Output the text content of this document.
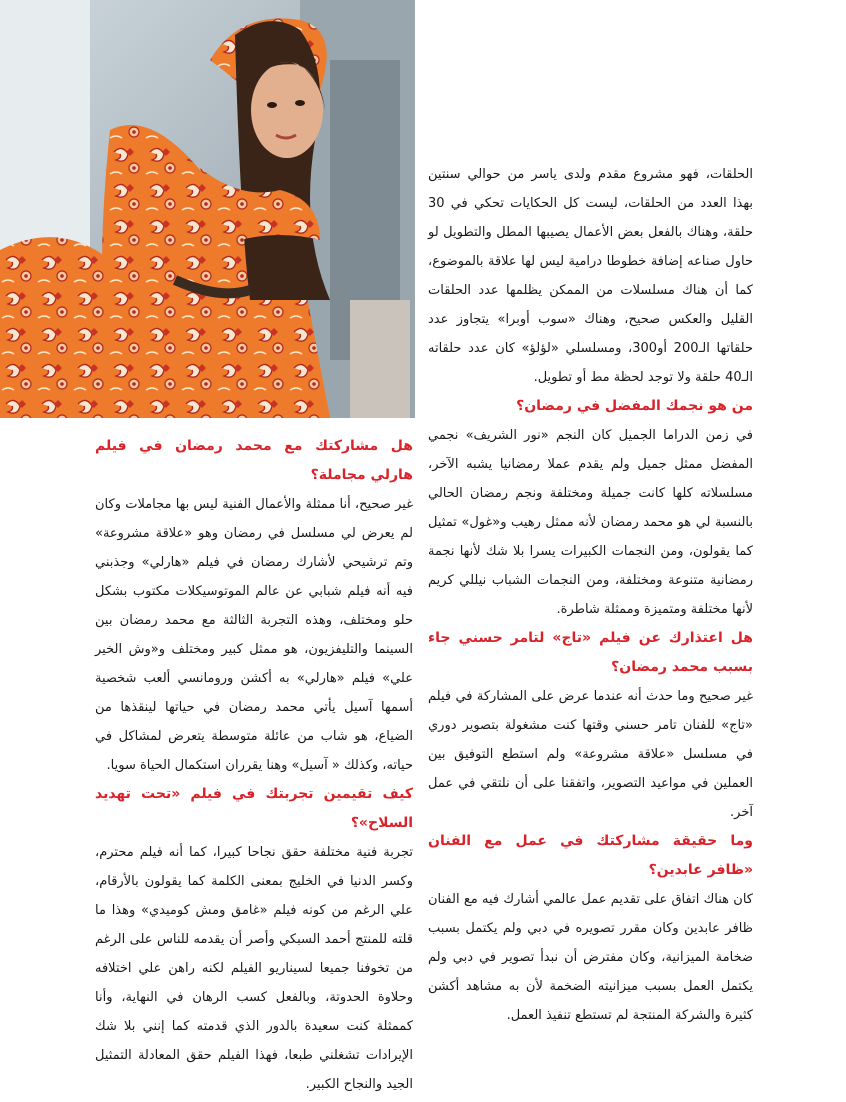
الحلقات، فهو مشروع مقدم ولدى ياسر من حوالي سنتين بهذا العدد من الحلقات، ليست كل الحكايات تحكي في 30 حلقة، وهناك بالفعل بعض الأعمال يصيبها المطل والتطويل لو حاول صناعه إضافة خطوطا درامية ليس لها علاقة بالموضوع، كما أن هناك مسلسلات من الممكن يظلمها عدد الحلقات القليل والعكس صحيح، وهناك «سوب أوبرا» يتجاوز عدد حلقاتها الـ200 أو300، ومسلسلي «لؤلؤ» كان عدد حلقاته الـ40 حلقة ولا توجد لحظة مط أو تطويل.

من هو نجمك المفضل في رمضان؟

في زمن الدراما الجميل كان النجم «نور الشريف» نجمي المفضل ممثل جميل ولم يقدم عملا رمضانيا يشبه الآخر، مسلسلاته كلها كانت جميلة ومختلفة ونجم رمضان الحالي بالنسبة لي هو محمد رمضان لأنه ممثل رهيب و«غول» تمثيل كما يقولون، ومن النجمات الكبيرات يسرا بلا شك لأنها نجمة رمضانية متنوعة ومختلفة، ومن النجمات الشباب نيللي كريم لأنها مختلفة ومتميزة وممثلة شاطرة.

هل اعتذارك عن فيلم «تاج» لتامر حسني جاء بسبب محمد رمضان؟

غير صحيح وما حدث أنه عندما عرض على المشاركة في فيلم «تاج» للفنان تامر حسني وقتها كنت مشغولة بتصوير دوري في مسلسل «علاقة مشروعة» ولم استطع التوفيق بين العملين في مواعيد التصوير، واتفقنا على أن نلتقي في عمل آخر.

وما حقيقة مشاركتك في عمل مع الفنان «ظافر عابدين؟

كان هناك اتفاق على تقديم عمل عالمي أشارك فيه مع الفنان ظافر عابدين وكان مقرر تصويره في دبي ولم يكتمل بسبب ضخامة الميزانية، وكان مفترض أن نبدأ تصوير في دبي ولم يكتمل العمل بسبب ميزانيته الضخمة لأن به مشاهد أكشن كثيرة والشركة المنتجة لم تستطع تنفيذ العمل.

هل مشاركتك مع محمد رمضان في فيلم هارلي مجاملة؟

غير صحيح، أنا ممثلة والأعمال الفنية ليس بها مجاملات وكان لم يعرض لي مسلسل في رمضان وهو «علاقة مشروعة» وتم ترشيحي لأشارك رمضان في فيلم «هارلي» وجذبني فيه أنه فيلم شبابي عن عالم الموتوسيكلات مكتوب بشكل حلو ومختلف، وهذه التجربة الثالثة مع محمد رمضان بين السينما والتليفزيون، هو ممثل كبير ومختلف و«وش الخير علي» فيلم «هارلي» به أكشن ورومانسي ألعب شخصية أسمها آسيل يأتي محمد رمضان في حياتها لينقذها من الضياع، هو شاب من عائلة متوسطة يتعرض لمشاكل في حياته، وكذلك « آسيل» وهنا يقرران استكمال الحياة سويا.

كيف تقيمين تجربتك في فيلم «تحت تهديد السلاح»؟

تجربة فنية مختلفة حقق نجاحا كبيرا، كما أنه فيلم محترم، وكسر الدنيا في الخليج بمعنى الكلمة كما يقولون بالأرقام، علي الرغم من كونه فيلم «غامق ومش كوميدي» وهذا ما قلته للمنتج أحمد السبكي وأصر أن يقدمه للناس على الرغم من تخوفنا جميعا لسيناريو الفيلم لكنه راهن علي اختلافه وحلاوة الحدوتة، وبالفعل كسب الرهان في النهاية، وأنا كممثلة كنت سعيدة بالدور الذي قدمته كما إنني بلا شك الإيرادات تشغلني طبعا، فهذا الفيلم حقق المعادلة التمثيل الجيد والنجاح الكبير.
